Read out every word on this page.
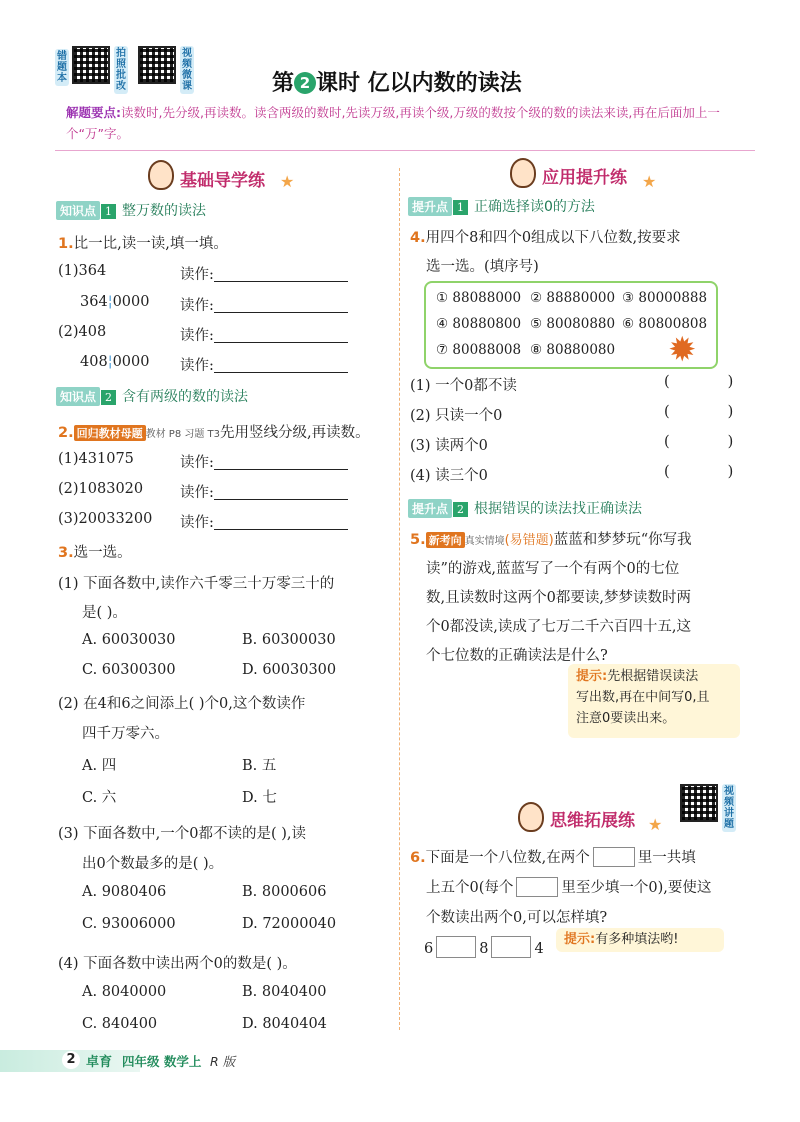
错题本
拍照批改
视频微课	第 2 课时 亿以内数的读法
解题要点:读数时,先分级,再读数。读含两级的数时,先读万级,再读个级,万级的数按个级的数的读法来读,再在后面加上一个“万”字。
基础导学练 ★
知识点 1 整万数的读法
1.比一比,读一读,填一填。
(1)364	读作:
364¦0000 读作:
(2)408	读作:
408¦0000 读作:
知识点 2 含有两级的数的读法
2. 回归教材母题 教材 P8 习题 T3先用竖线分级,再读数。
(1)431075	读作:
(2)1083020	读作:
(3)20033200 读作:
3.选一选。
(1) 下面各数中,读作六千零三十万零三十的
是( )。
A. 60030030	B. 60300030
C. 60300300	D. 60030300
(2) 在4和6之间添上( )个0,这个数读作
四千万零六。
A. 四	B. 五
C. 六	D. 七
(3) 下面各数中,一个0都不读的是( ),读
出0个数最多的是( )。
A. 9080406	B. 8000606
C. 93006000	D. 72000040
(4) 下面各数中读出两个0的数是( )。
A. 8040000	B. 8040400
C. 840400	D. 8040404
应用提升练 ★
提升点 1 正确选择读0的方法
4.用四个8和四个0组成以下八位数,按要求
选一选。(填序号)
① 88088000 ② 88880000 ③ 80000888
④ 80880800 ⑤ 80080880 ⑥ 80800808
⑦ 80088008 ⑧ 80880080 ✹
(1) 一个0都不读	(	)
(2) 只读一个0	(	)
(3) 读两个0	(	)
(4) 读三个0	(	)
提升点 2 根据错误的读法找正确读法
5. 新考向 真实情境(易错题)蓝蓝和梦梦玩“你写我
读”的游戏,蓝蓝写了一个有两个0的七位
数,且读数时这两个0都要读,梦梦读数时两
个0都没读,读成了七万二千六百四十五,这
个七位数的正确读法是什么?
提示:先根据错误读法
写出数,再在中间写0,且
注意0要读出来。
视频讲题
思维拓展练 ★
6.下面是一个八位数,在两个	里一共填
上五个0(每个	里至少填一个0),要使这
个数读出两个0,可以怎样填?
6	8	4
提示:有多种填法哟!
2 卓育 四年级 数学上 R 版
